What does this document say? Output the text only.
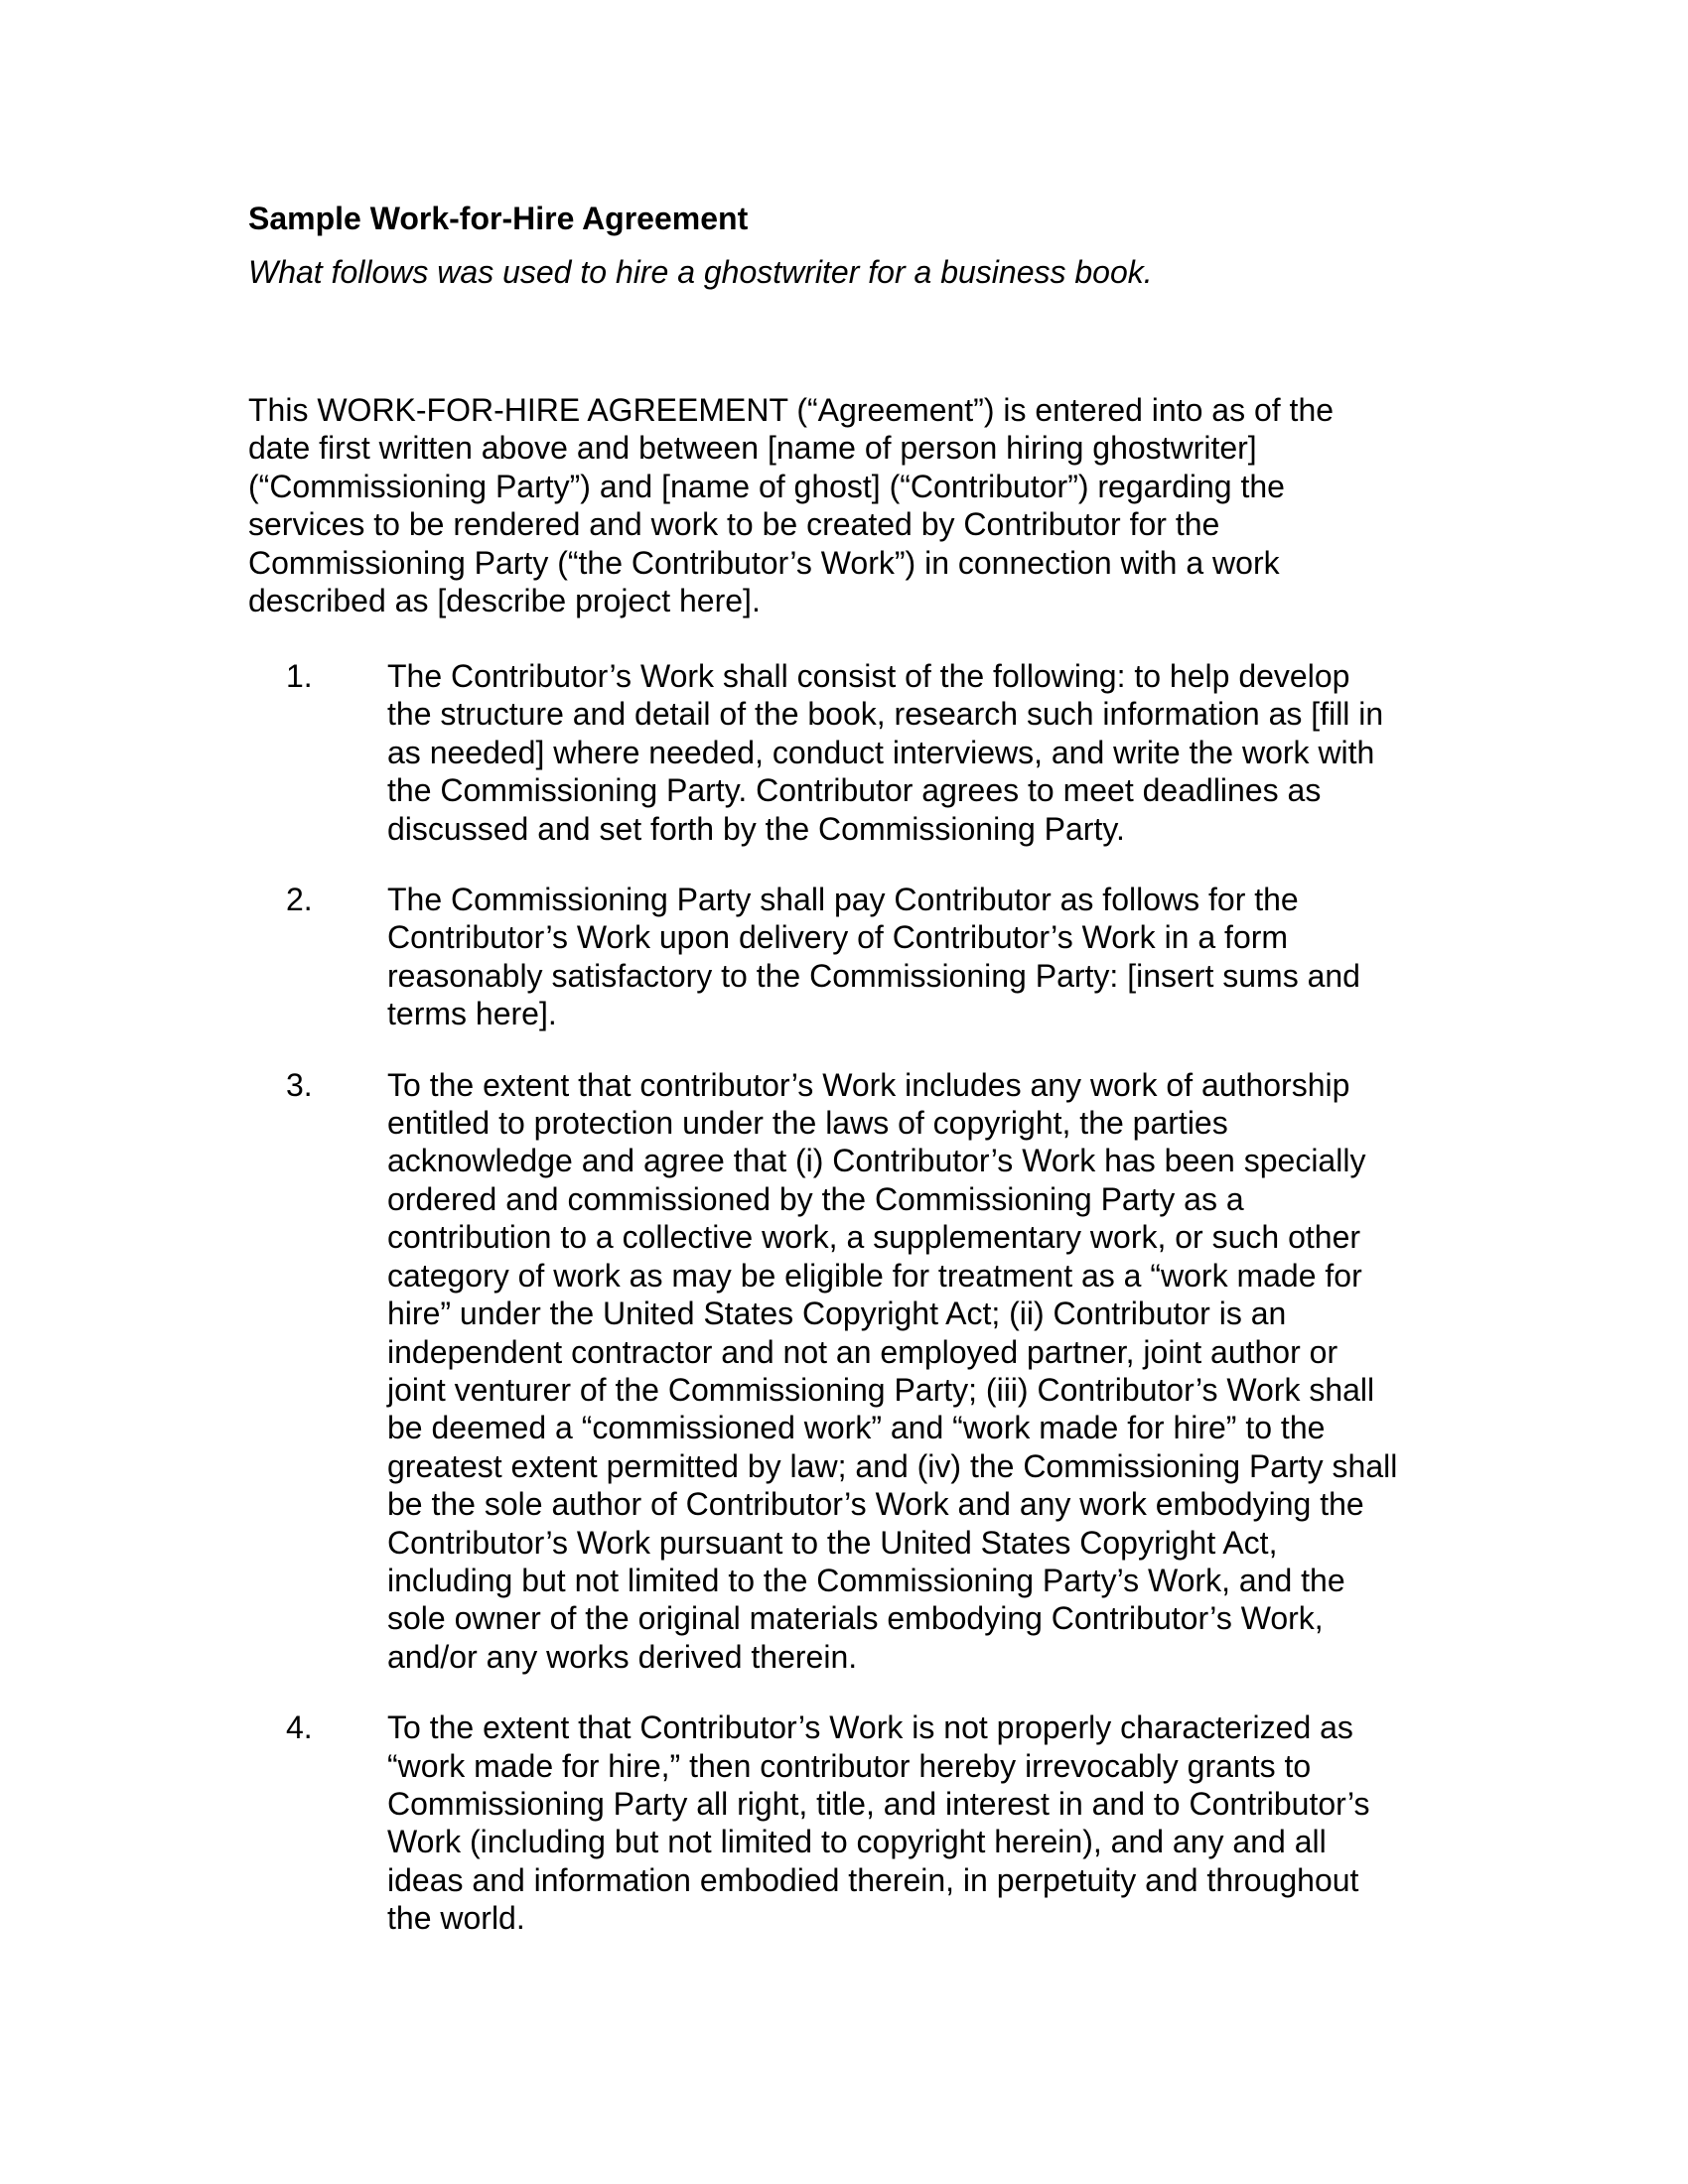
Sample Work-for-Hire Agreement

What follows was used to hire a ghostwriter for a business book.

This WORK-FOR-HIRE AGREEMENT (“Agreement”) is entered into as of the
date first written above and between [name of person hiring ghostwriter]
(“Commissioning Party”) and [name of ghost] (“Contributor”) regarding the
services to be rendered and work to be created by Contributor for the
Commissioning Party (“the Contributor’s Work”) in connection with a work
described as [describe project here].

1. The Contributor’s Work shall consist of the following: to help develop
the structure and detail of the book, research such information as [fill in
as needed] where needed, conduct interviews, and write the work with
the Commissioning Party. Contributor agrees to meet deadlines as
discussed and set forth by the Commissioning Party.
2. The Commissioning Party shall pay Contributor as follows for the
Contributor’s Work upon delivery of Contributor’s Work in a form
reasonably satisfactory to the Commissioning Party: [insert sums and
terms here].
3. To the extent that contributor’s Work includes any work of authorship
entitled to protection under the laws of copyright, the parties
acknowledge and agree that (i) Contributor’s Work has been specially
ordered and commissioned by the Commissioning Party as a
contribution to a collective work, a supplementary work, or such other
category of work as may be eligible for treatment as a “work made for
hire” under the United States Copyright Act; (ii) Contributor is an
independent contractor and not an employed partner, joint author or
joint venturer of the Commissioning Party; (iii) Contributor’s Work shall
be deemed a “commissioned work” and “work made for hire” to the
greatest extent permitted by law; and (iv) the Commissioning Party shall
be the sole author of Contributor’s Work and any work embodying the
Contributor’s Work pursuant to the United States Copyright Act,
including but not limited to the Commissioning Party’s Work, and the
sole owner of the original materials embodying Contributor’s Work,
and/or any works derived therein.
4. To the extent that Contributor’s Work is not properly characterized as
“work made for hire,” then contributor hereby irrevocably grants to
Commissioning Party all right, title, and interest in and to Contributor’s
Work (including but not limited to copyright herein), and any and all
ideas and information embodied therein, in perpetuity and throughout
the world.
